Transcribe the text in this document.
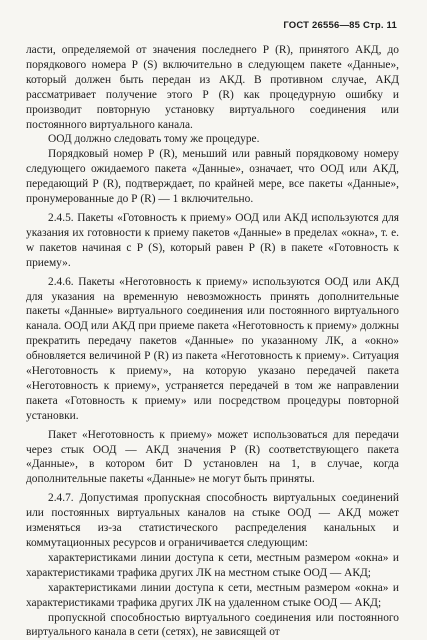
ГОСТ 26556—85 Стр. 11

ласти, определяемой от значения последнего Р (R), принятого АКД, до порядкового номера Р (S) включительно в следующем пакете «Данные», который должен быть передан из АКД. В противном случае, АКД рассматривает получение этого Р (R) как процедурную ошибку и производит повторную установку виртуального соединения или постоянного виртуального канала.

ООД должно следовать тому же процедуре.

Порядковый номер Р (R), меньший или равный порядковому номеру следующего ожидаемого пакета «Данные», означает, что ООД или АКД, передающий Р (R), подтверждает, по крайней мере, все пакеты «Данные», пронумерованные до Р (R) — 1 включительно.

2.4.5. Пакеты «Готовность к приему» ООД или АКД используются для указания их готовности к приему пакетов «Данные» в пределах «окна», т. е. w пакетов начиная с Р (S), который равен Р (R) в пакете «Готовность к приему».

2.4.6. Пакеты «Неготовность к приему» используются ООД или АКД для указания на временную невозможность принять дополнительные пакеты «Данные» виртуального соединения или постоянного виртуального канала. ООД или АКД при приеме пакета «Неготовность к приему» должны прекратить передачу пакетов «Данные» по указанному ЛК, а «окно» обновляется величиной Р (R) из пакета «Неготовность к приему». Ситуация «Неготовность к приему», на которую указано передачей пакета «Неготовность к приему», устраняется передачей в том же направлении пакета «Готовность к приему» или посредством процедуры повторной установки.

Пакет «Неготовность к приему» может использоваться для передачи через стык ООД — АКД значения Р (R) соответствующего пакета «Данные», в котором бит D установлен на 1, в случае, когда дополнительные пакеты «Данные» не могут быть приняты.

2.4.7. Допустимая пропускная способность виртуальных соединений или постоянных виртуальных каналов на стыке ООД — АКД может изменяться из-за статистического распределения канальных и коммутационных ресурсов и ограничивается следующим:

характеристиками линии доступа к сети, местным размером «окна» и характеристиками трафика других ЛК на местном стыке ООД — АКД;

характеристиками линии доступа к сети, местным размером «окна» и характеристиками трафика других ЛК на удаленном стыке ООД — АКД;

пропускной способностью виртуального соединения или постоянного виртуального канала в сети (сетях), не зависящей от
